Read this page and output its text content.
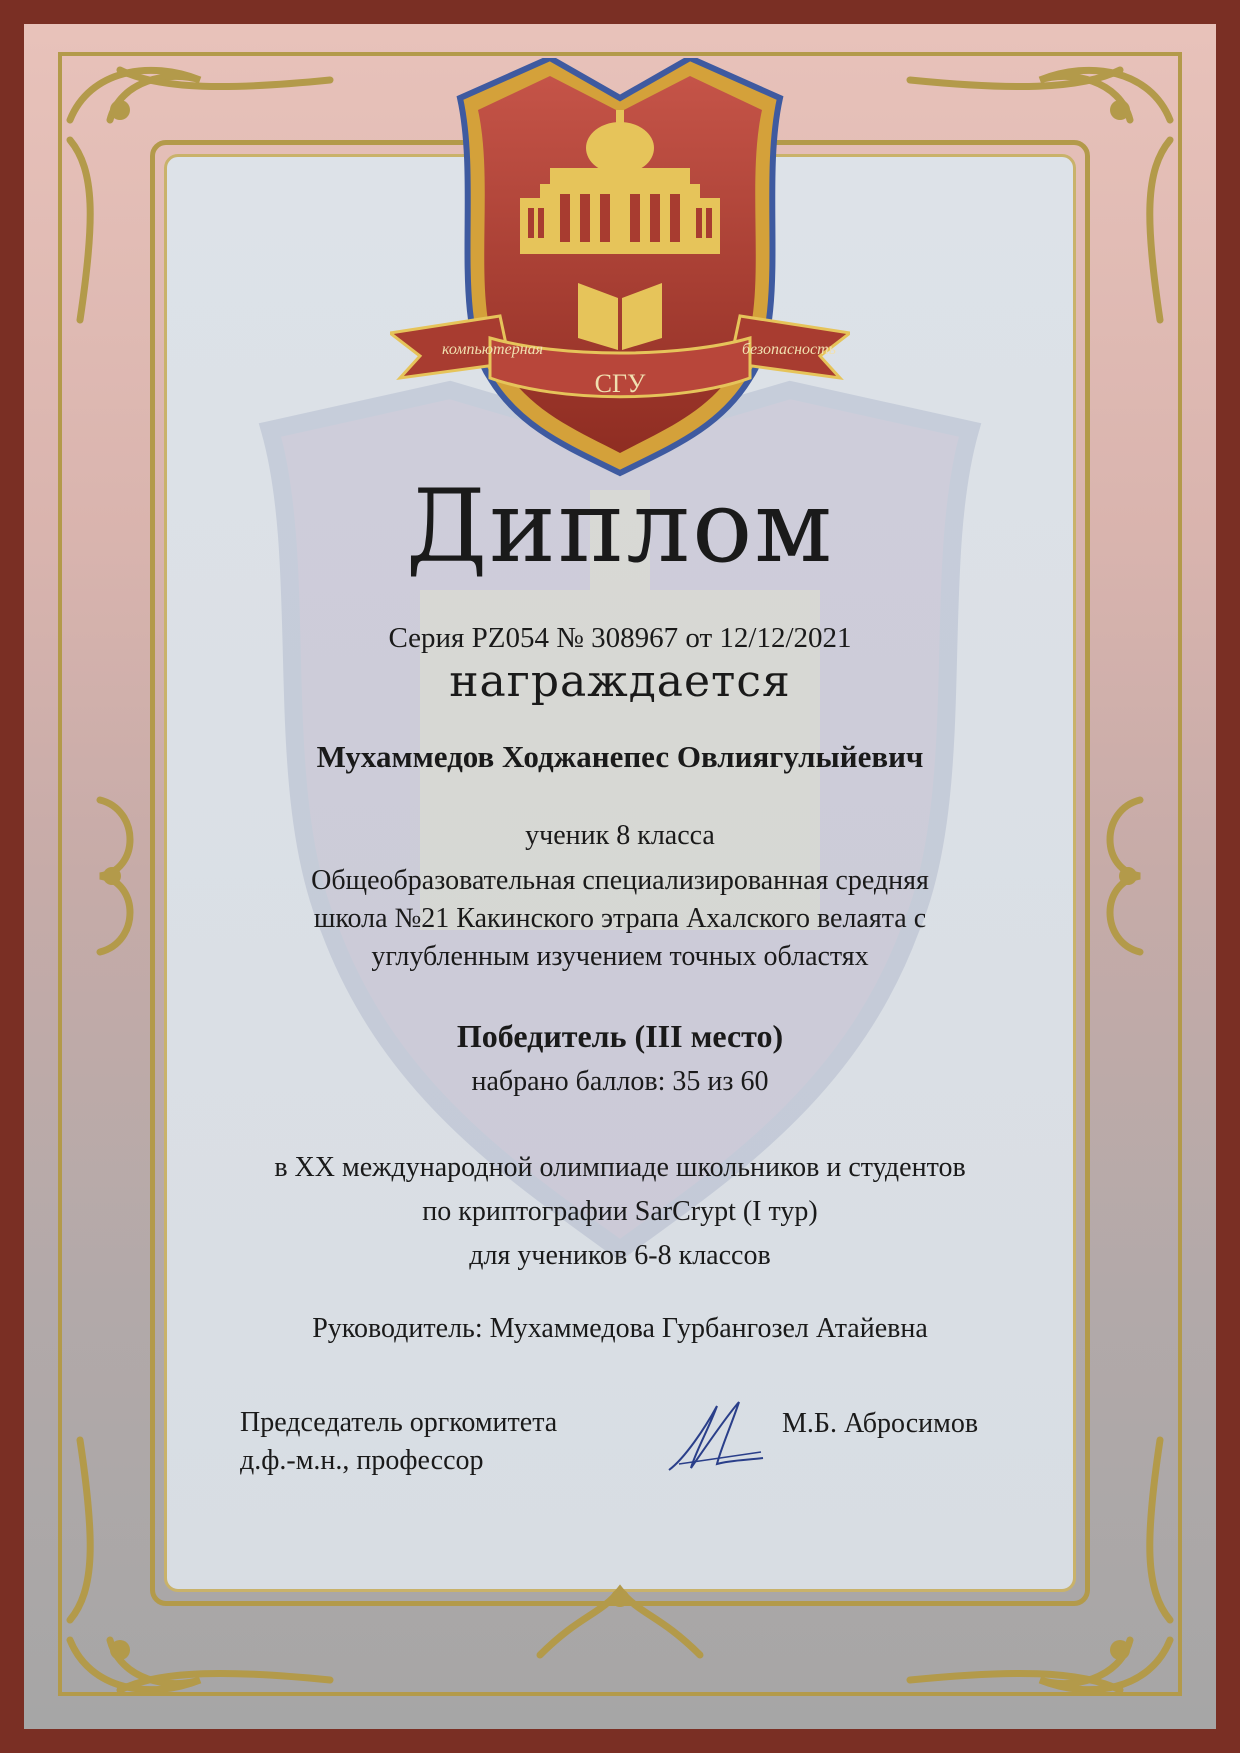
компьютерная	безопасность
СГУ
Диплом
Серия PZ054 № 308967 от 12/12/2021
награждается
Мухаммедов Ходжанепес Овлиягулыйевич
ученик 8 класса
Общеобразовательная специализированная средняя
школа №21 Какинского этрапа Ахалского велаята с
углубленным изучением точных областях
Победитель (III место)
набрано баллов: 35 из 60
в XX международной олимпиаде школьников и студентов
по криптографии SarCrypt (I тур)
для учеников 6-8 классов
Руководитель: Мухаммедова Гурбангозел Атайевна
Председатель оргкомитета
д.ф.-м.н., профессор
М.Б. Абросимов
